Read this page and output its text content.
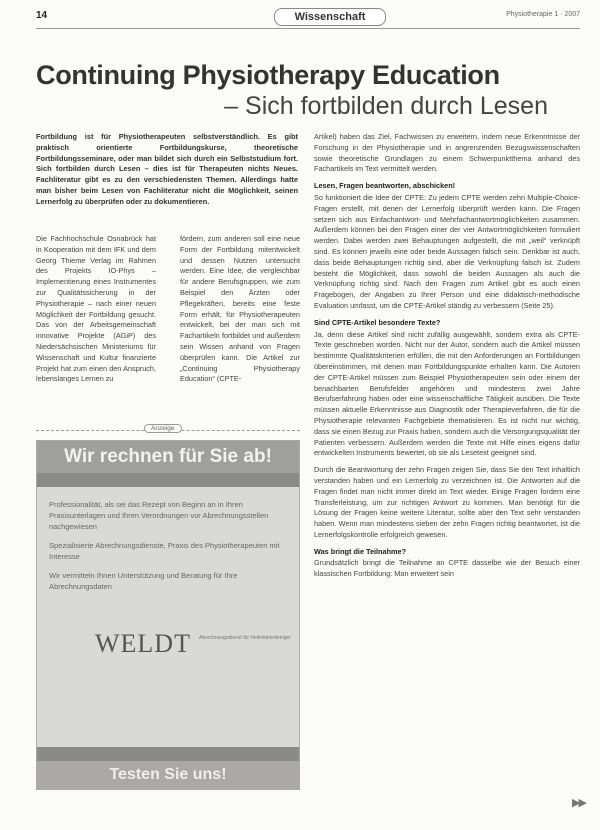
14	Wissenschaft	Physiotherapie 1 · 2007
Continuing Physiotherapy Education
– Sich fortbilden durch Lesen
Fortbildung ist für Physiotherapeuten selbstverständlich. Es gibt praktisch orientierte Fortbildungskurse, theoretische Fortbildungsseminare, oder man bildet sich durch ein Selbststudium fort. Sich fortbilden durch Lesen – dies ist für Therapeuten nichts Neues. Fachliteratur gibt es zu den verschiedensten Themen. Allerdings hatte man bisher beim Lesen von Fachliteratur nicht die Möglichkeit, seinen Lernerfolg zu überprüfen oder zu dokumentieren.
Die Fachhochschule Osnabrück hat in Kooperation mit dem IFK und dem Georg Thieme Verlag im Rahmen des Projekts IO-Phys – Implementierung eines Instrumentes zur Qualitätssicherung in der Physiotherapie – nach einer neuen Möglichkeit der Fortbildung gesucht. Das von der Arbeitsgemeinschaft innovative Projekte (AGiP) des Niedersächsischen Ministeriums für Wissenschaft und Kultur finanzierte Projekt hat zum einen den Anspruch, lebenslanges Lernen zu
fördern, zum anderen soll eine neue Form der Fortbildung mitentwickelt und dessen Nutzen untersucht werden. Eine Idee, die vergleichbar für andere Berufsgruppen, wie zum Beispiel den Ärzten oder Pflegekräften, bereits eine feste Form erhält, für Physiotherapeuten entwickelt, bei der man sich mit Fachartikeln fortbildet und außerdem sein Wissen anhand von Fragen überprüfen kann. Die Artikel zur „Continuing Physiotherapy Education“ (CPTE-

Artikel) haben das Ziel, Fachwissen zu erweitern, indem neue Erkenntnisse der Forschung in der Physiotherapie und in angrenzenden Bezugswissenschaften sowie theoretische Grundlagen zu einem Schwerpunktthema anhand des Fachartikels im Text vermittelt werden.

Lesen, Fragen beantworten, abschicken!

So funktioniert die Idee der CPTE: Zu jedem CPTE werden zehn Multiple-Choice-Fragen erstellt, mit denen der Lernerfolg überprüft werden kann. Die Fragen setzen sich aus Einfachantwort- und Mehrfachantwortmöglichkeiten zusammen. Außerdem können bei den Fragen einer der vier Antwortmöglichkeiten formuliert werden. Dabei werden zwei Behauptungen aufgestellt, die mit „weil“ verknüpft sind. Es können jeweils eine oder beide Aussagen falsch sein. Denkbar ist auch, dass beide Behauptungen richtig sind, aber die Verknüpfung falsch ist. Zudem besteht die Möglichkeit, dass sowohl die beiden Aussagen als auch die Verknüpfung richtig sind. Nach den Fragen zum Artikel gibt es auch einen Fragebogen, der Angaben zu Ihrer Person und eine didaktisch-methodische Evaluation umfasst, um die CPTE-Artikel ständig zu verbessern (Seite 25).

Sind CPTE-Artikel besondere Texte?

Ja, denn diese Artikel sind nicht zufällig ausgewählt, sondern extra als CPTE-Texte geschrieben worden. Nicht nur der Autor, sondern auch die Artikel müssen bestimmte Qualitätskriterien erfüllen, die mit den Anforderungen an Fortbildungen übereinstimmen, mit denen man Fortbildungspunkte erhalten kann. Die Autoren der CPTE-Artikel müssen zum Beispiel Physiotherapeuten sein oder einem der benachbarten Berufsfelder angehören und mindestens zwei Jahre Berufserfahrung haben oder eine wissenschaftliche Tätigkeit ausüben. Die Texte müssen aktuelle Erkenntnisse aus Diagnostik oder Therapieverfahren, die für die Physiotherapie relevanten Fachgebiete thematisieren. Es ist nicht nur wichtig, dass sie einen Bezug zur Praxis haben, sondern auch die Versorgungsqualität der Patienten verbessern. Außerdem werden die Texte mit Hilfe eines eigens dafür entwickelten Instruments bewertet, ob sie als Lesetext geeignet sind.

Durch die Beantwortung der zehn Fragen zeigen Sie, dass Sie den Text inhaltlich verstanden haben und ein Lernerfolg zu verzeichnen ist. Die Antworten auf die Fragen findet man nicht immer direkt im Text wieder. Einige Fragen fordern eine Transferleistung, um zur richtigen Antwort zu kommen. Man benötigt für die Lösung der Fragen keine weitere Literatur, sollte aber den Text sehr verstanden haben. Wenn man mindestens sieben der zehn Fragen richtig beantwortet, ist die Lernerfolgskontrolle erfolgreich gewesen.

Was bringt die Teilnahme?

Grundsätzlich bringt die Teilnahme an CPTE dasselbe wie der Besuch einer klassischen Fortbildung: Man erweitert sein

Anzeige
Wir rechnen für Sie ab!
Professionalität, als sei das Rezept von Beginn an in Ihren Praxisunterlagen und Ihren Verordnungen vor Abrechnungsstellen nachgewiesen
Spezialisierte Abrechnungsdienste, Praxis des Physiotherapeuten mit Interesse
Wir vermitteln Ihnen Unterstützung und Beratung für Ihre Abrechnungsdaten
WELDT Abrechnungsdienst für Heilmittelerbringer
Testen Sie uns!
▶▶
